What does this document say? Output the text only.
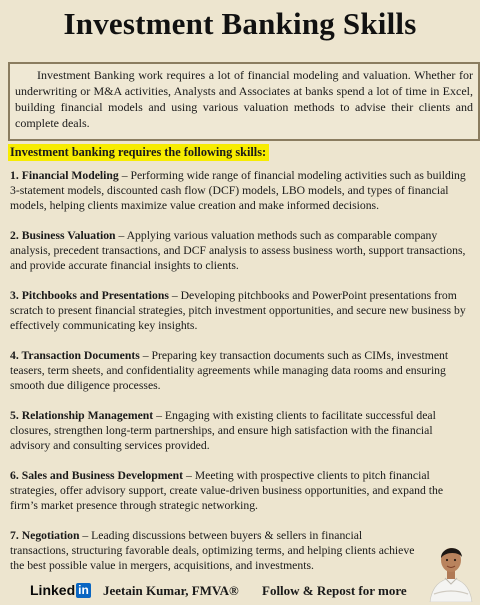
Investment Banking Skills
Investment Banking work requires a lot of financial modeling and valuation. Whether for underwriting or M&A activities, Analysts and Associates at banks spend a lot of time in Excel, building financial models and using various valuation methods to advise their clients and complete deals.
Investment banking requires the following skills:
1. Financial Modeling – Performing wide range of financial modeling activities such as building 3-statement models, discounted cash flow (DCF) models, LBO models, and types of financial models, helping clients maximize value creation and make informed decisions.
2. Business Valuation – Applying various valuation methods such as comparable company analysis, precedent transactions, and DCF analysis to assess business worth, support transactions, and provide accurate financial insights to clients.
3. Pitchbooks and Presentations – Developing pitchbooks and PowerPoint presentations from scratch to present financial strategies, pitch investment opportunities, and secure new business by effectively communicating key insights.
4. Transaction Documents – Preparing key transaction documents such as CIMs, investment teasers, term sheets, and confidentiality agreements while managing data rooms and ensuring smooth due diligence processes.
5. Relationship Management – Engaging with existing clients to facilitate successful deal closures, strengthen long-term partnerships, and ensure high satisfaction with the financial advisory and consulting services provided.
6. Sales and Business Development – Meeting with prospective clients to pitch financial strategies, offer advisory support, create value-driven business opportunities, and expand the firm’s market presence through strategic networking.
7. Negotiation – Leading discussions between buyers & sellers in financial transactions, structuring favorable deals, optimizing terms, and helping clients achieve the best possible value in mergers, acquisitions, and investments.
Linked in Jeetain Kumar, FMVA® Follow & Repost for more
